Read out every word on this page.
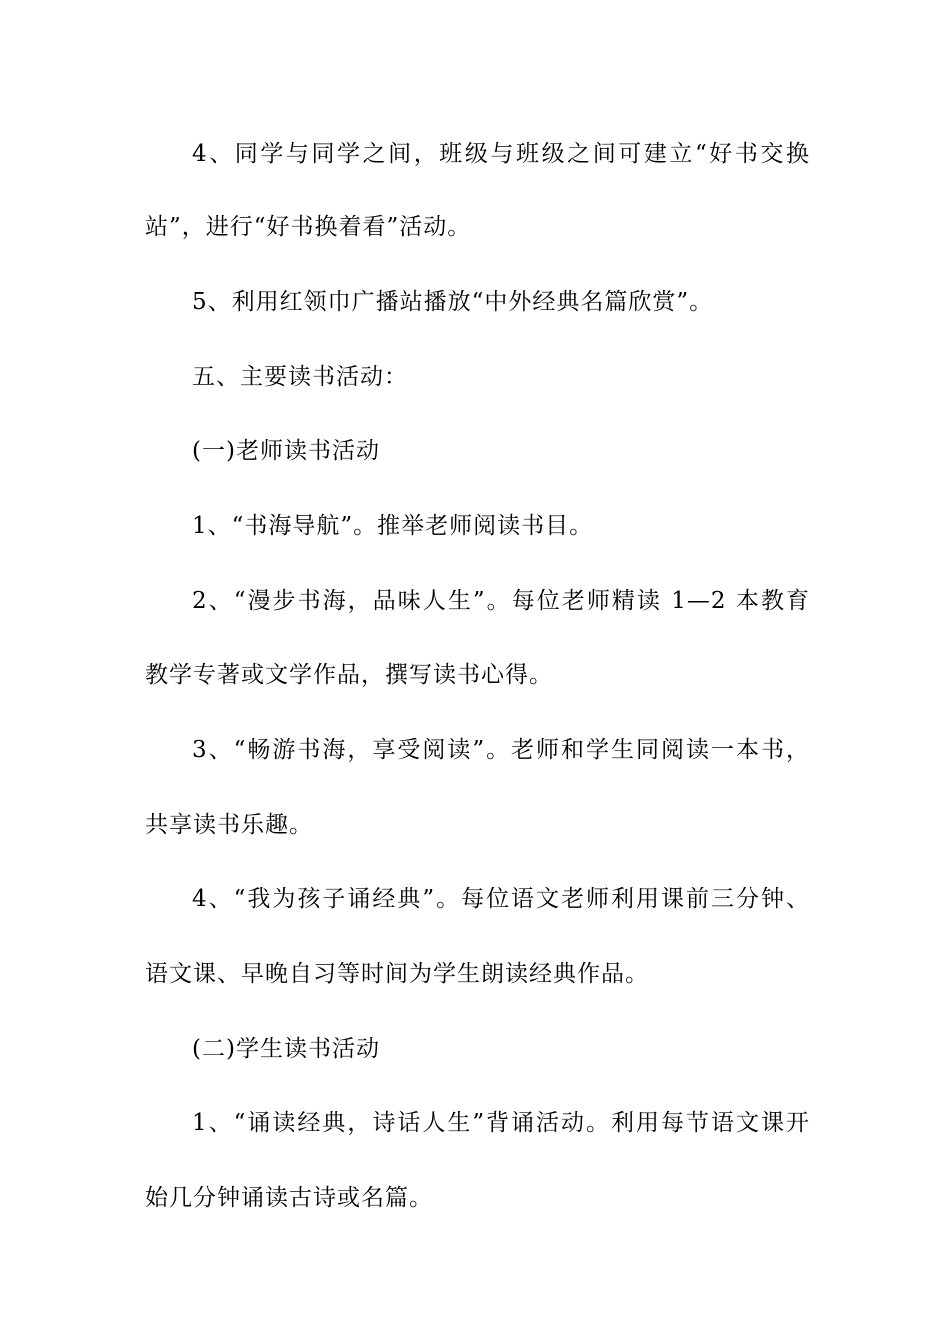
4、同学与同学之间，班级与班级之间可建立“好书交换
站”，进行“好书换着看”活动。
5、利用红领巾广播站播放“中外经典名篇欣赏”。
五、主要读书活动：
(一)老师读书活动
1、“书海导航”。推举老师阅读书目。
2、“漫步书海，品味人生”。每位老师精读 1—2 本教育
教学专著或文学作品，撰写读书心得。
3、“畅游书海，享受阅读”。老师和学生同阅读一本书，
共享读书乐趣。
4、“我为孩子诵经典”。每位语文老师利用课前三分钟、
语文课、早晚自习等时间为学生朗读经典作品。
(二)学生读书活动
1、“诵读经典，诗话人生”背诵活动。利用每节语文课开
始几分钟诵读古诗或名篇。
